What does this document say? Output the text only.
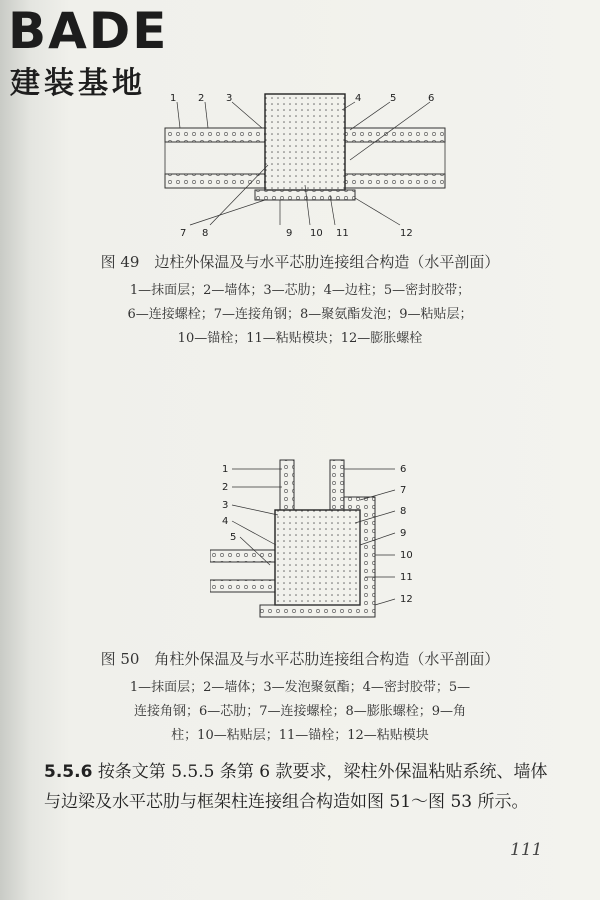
BADE
建装基地 1 2 3	4	5	6
7 8	9 10 11	12
图 49　边柱外保温及与水平芯肋连接组合构造（水平剖面）
1—抹面层；2—墙体；3—芯肋；4—边柱；5—密封胶带；
6—连接螺栓；7—连接角钢；8—聚氨酯发泡；9—粘贴层；
10—锚栓；11—粘贴模块；12—膨胀螺栓
1
2
3
4
5
6
7
8
9
10
11
12
图 50　角柱外保温及与水平芯肋连接组合构造（水平剖面）
1—抹面层；2—墙体；3—发泡聚氨酯；4—密封胶带；5—
连接角钢；6—芯肋；7—连接螺栓；8—膨胀螺栓；9—角
柱；10—粘贴层；11—锚栓；12—粘贴模块
5.5.6 按条文第 5.5.5 条第 6 款要求，梁柱外保温粘贴系统、墙体与边梁及水平芯肋与框架柱连接组合构造如图 51～图 53 所示。
111
